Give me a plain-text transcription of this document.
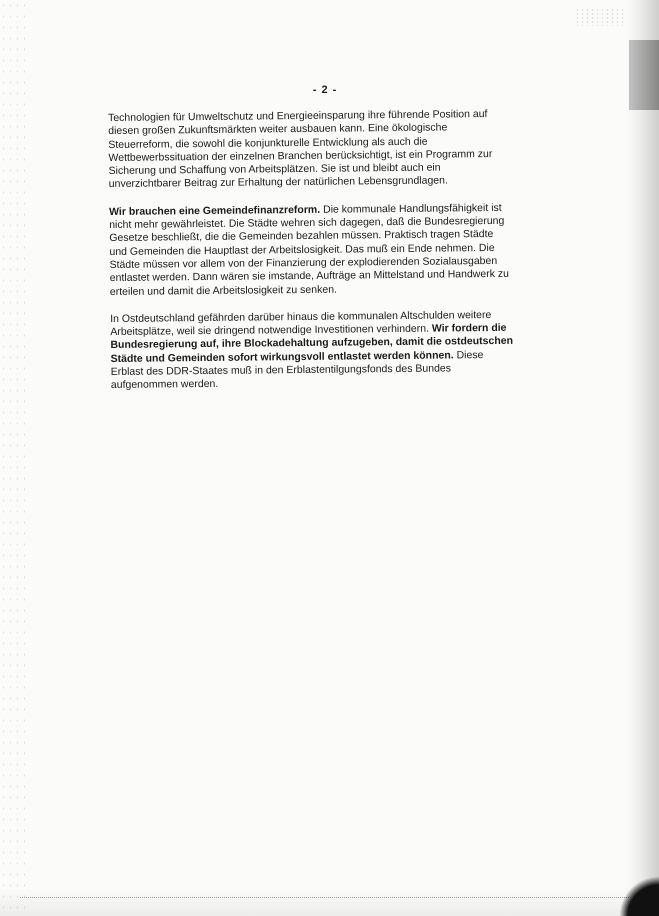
- 2 -
Technologien für Umweltschutz und Energieeinsparung ihre führende Position auf
diesen großen Zukunftsmärkten weiter ausbauen kann. Eine ökologische
Steuerreform, die sowohl die konjunkturelle Entwicklung als auch die
Wettbewerbssituation der einzelnen Branchen berücksichtigt, ist ein Programm zur
Sicherung und Schaffung von Arbeitsplätzen. Sie ist und bleibt auch ein
unverzichtbarer Beitrag zur Erhaltung der natürlichen Lebensgrundlagen.
Wir brauchen eine Gemeindefinanzreform. Die kommunale Handlungsfähigkeit ist
nicht mehr gewährleistet. Die Städte wehren sich dagegen, daß die Bundesregierung
Gesetze beschließt, die die Gemeinden bezahlen müssen. Praktisch tragen Städte
und Gemeinden die Hauptlast der Arbeitslosigkeit. Das muß ein Ende nehmen. Die
Städte müssen vor allem von der Finanzierung der explodierenden Sozialausgaben
entlastet werden. Dann wären sie imstande, Aufträge an Mittelstand und Handwerk zu
erteilen und damit die Arbeitslosigkeit zu senken.
In Ostdeutschland gefährden darüber hinaus die kommunalen Altschulden weitere
Arbeitsplätze, weil sie dringend notwendige Investitionen verhindern. Wir fordern die
Bundesregierung auf, ihre Blockadehaltung aufzugeben, damit die ostdeutschen
Städte und Gemeinden sofort wirkungsvoll entlastet werden können. Diese
Erblast des DDR-Staates muß in den Erblastentilgungsfonds des Bundes
aufgenommen werden.
